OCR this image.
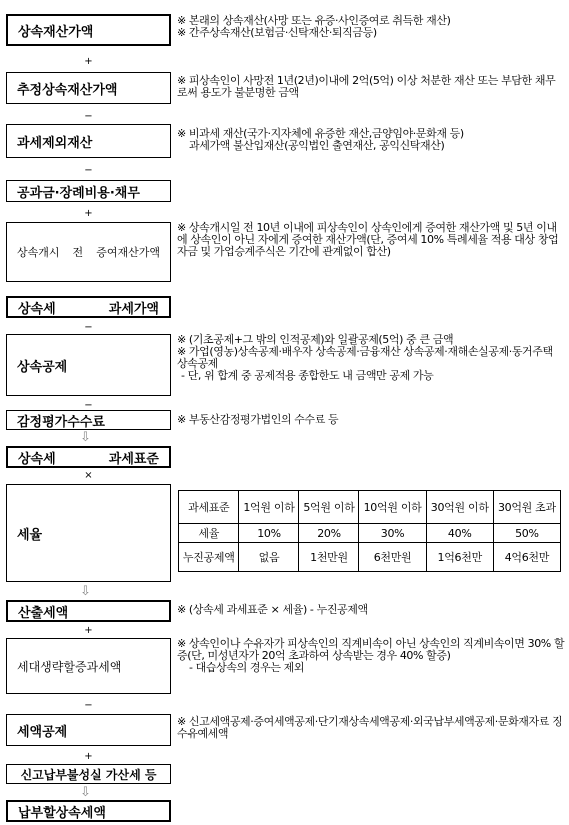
상속재산가액

※ 본래의 상속재산(사망 또는 유증·사인증여로 취득한 재산)

※ 간주상속재산(보험금·신탁재산·퇴직금등)

+
추정상속재산가액

※ 피상속인이 사망전 1년(2년)이내에 2억(5억) 이상 처분한 재산 또는 부담한 채무로써 용도가 불분명한 금액

−
과세제외재산

※ 비과세 재산(국가·지자체에 유증한 재산,금양임야·문화재 등)

과세가액 불산입재산(공익법인 출연재산, 공익신탁재산)

−
공과금·장례비용·채무
+
상속개시 전 증여재산가액

※ 상속개시일 전 10년 이내에 피상속인이 상속인에게 증여한 재산가액 및 5년 이내에 상속인이 아닌 자에게 증여한 재산가액(단, 증여세 10% 특례세율 적용 대상 창업자금 및 가업승계주식은 기간에 관계없이 합산)

상속세 과세가액
−
상속공제

※ (기초공제+그 밖의 인적공제)와 일괄공제(5억) 중 큰 금액

※ 가업(영농)상속공제·배우자 상속공제·금융재산 상속공제·재해손실공제·동거주택 상속공제

- 단, 위 합계 중 공제적용 종합한도 내 금액만 공제 가능

−
감정평가수수료	※ 부동산감정평가법인의 수수료 등

⇩
상속세 과세표준
×
세율
과세표준	1억원 이하	5억원 이하	10억원 이하	30억원 이하	30억원 초과
세율	10%	20%	30%	40%	50%
누진공제액	없음	1천만원	6천만원	1억6천만	4억6천만
⇩
산출세액	※ (상속세 과세표준 × 세율) - 누진공제액

+
세대생략할증과세액

※ 상속인이나 수유자가 피상속인의 직계비속이 아닌 상속인의 직계비속이면 30% 할증(단, 미성년자가 20억 초과하여 상속받는 경우 40% 할증)

- 대습상속의 경우는 제외

−
세액공제

※ 신고세액공제·증여세액공제·단기재상속세액공제·외국납부세액공제·문화재자료 징수유예세액

+
신고납부불성실 가산세 등
⇩
납부할상속세액
